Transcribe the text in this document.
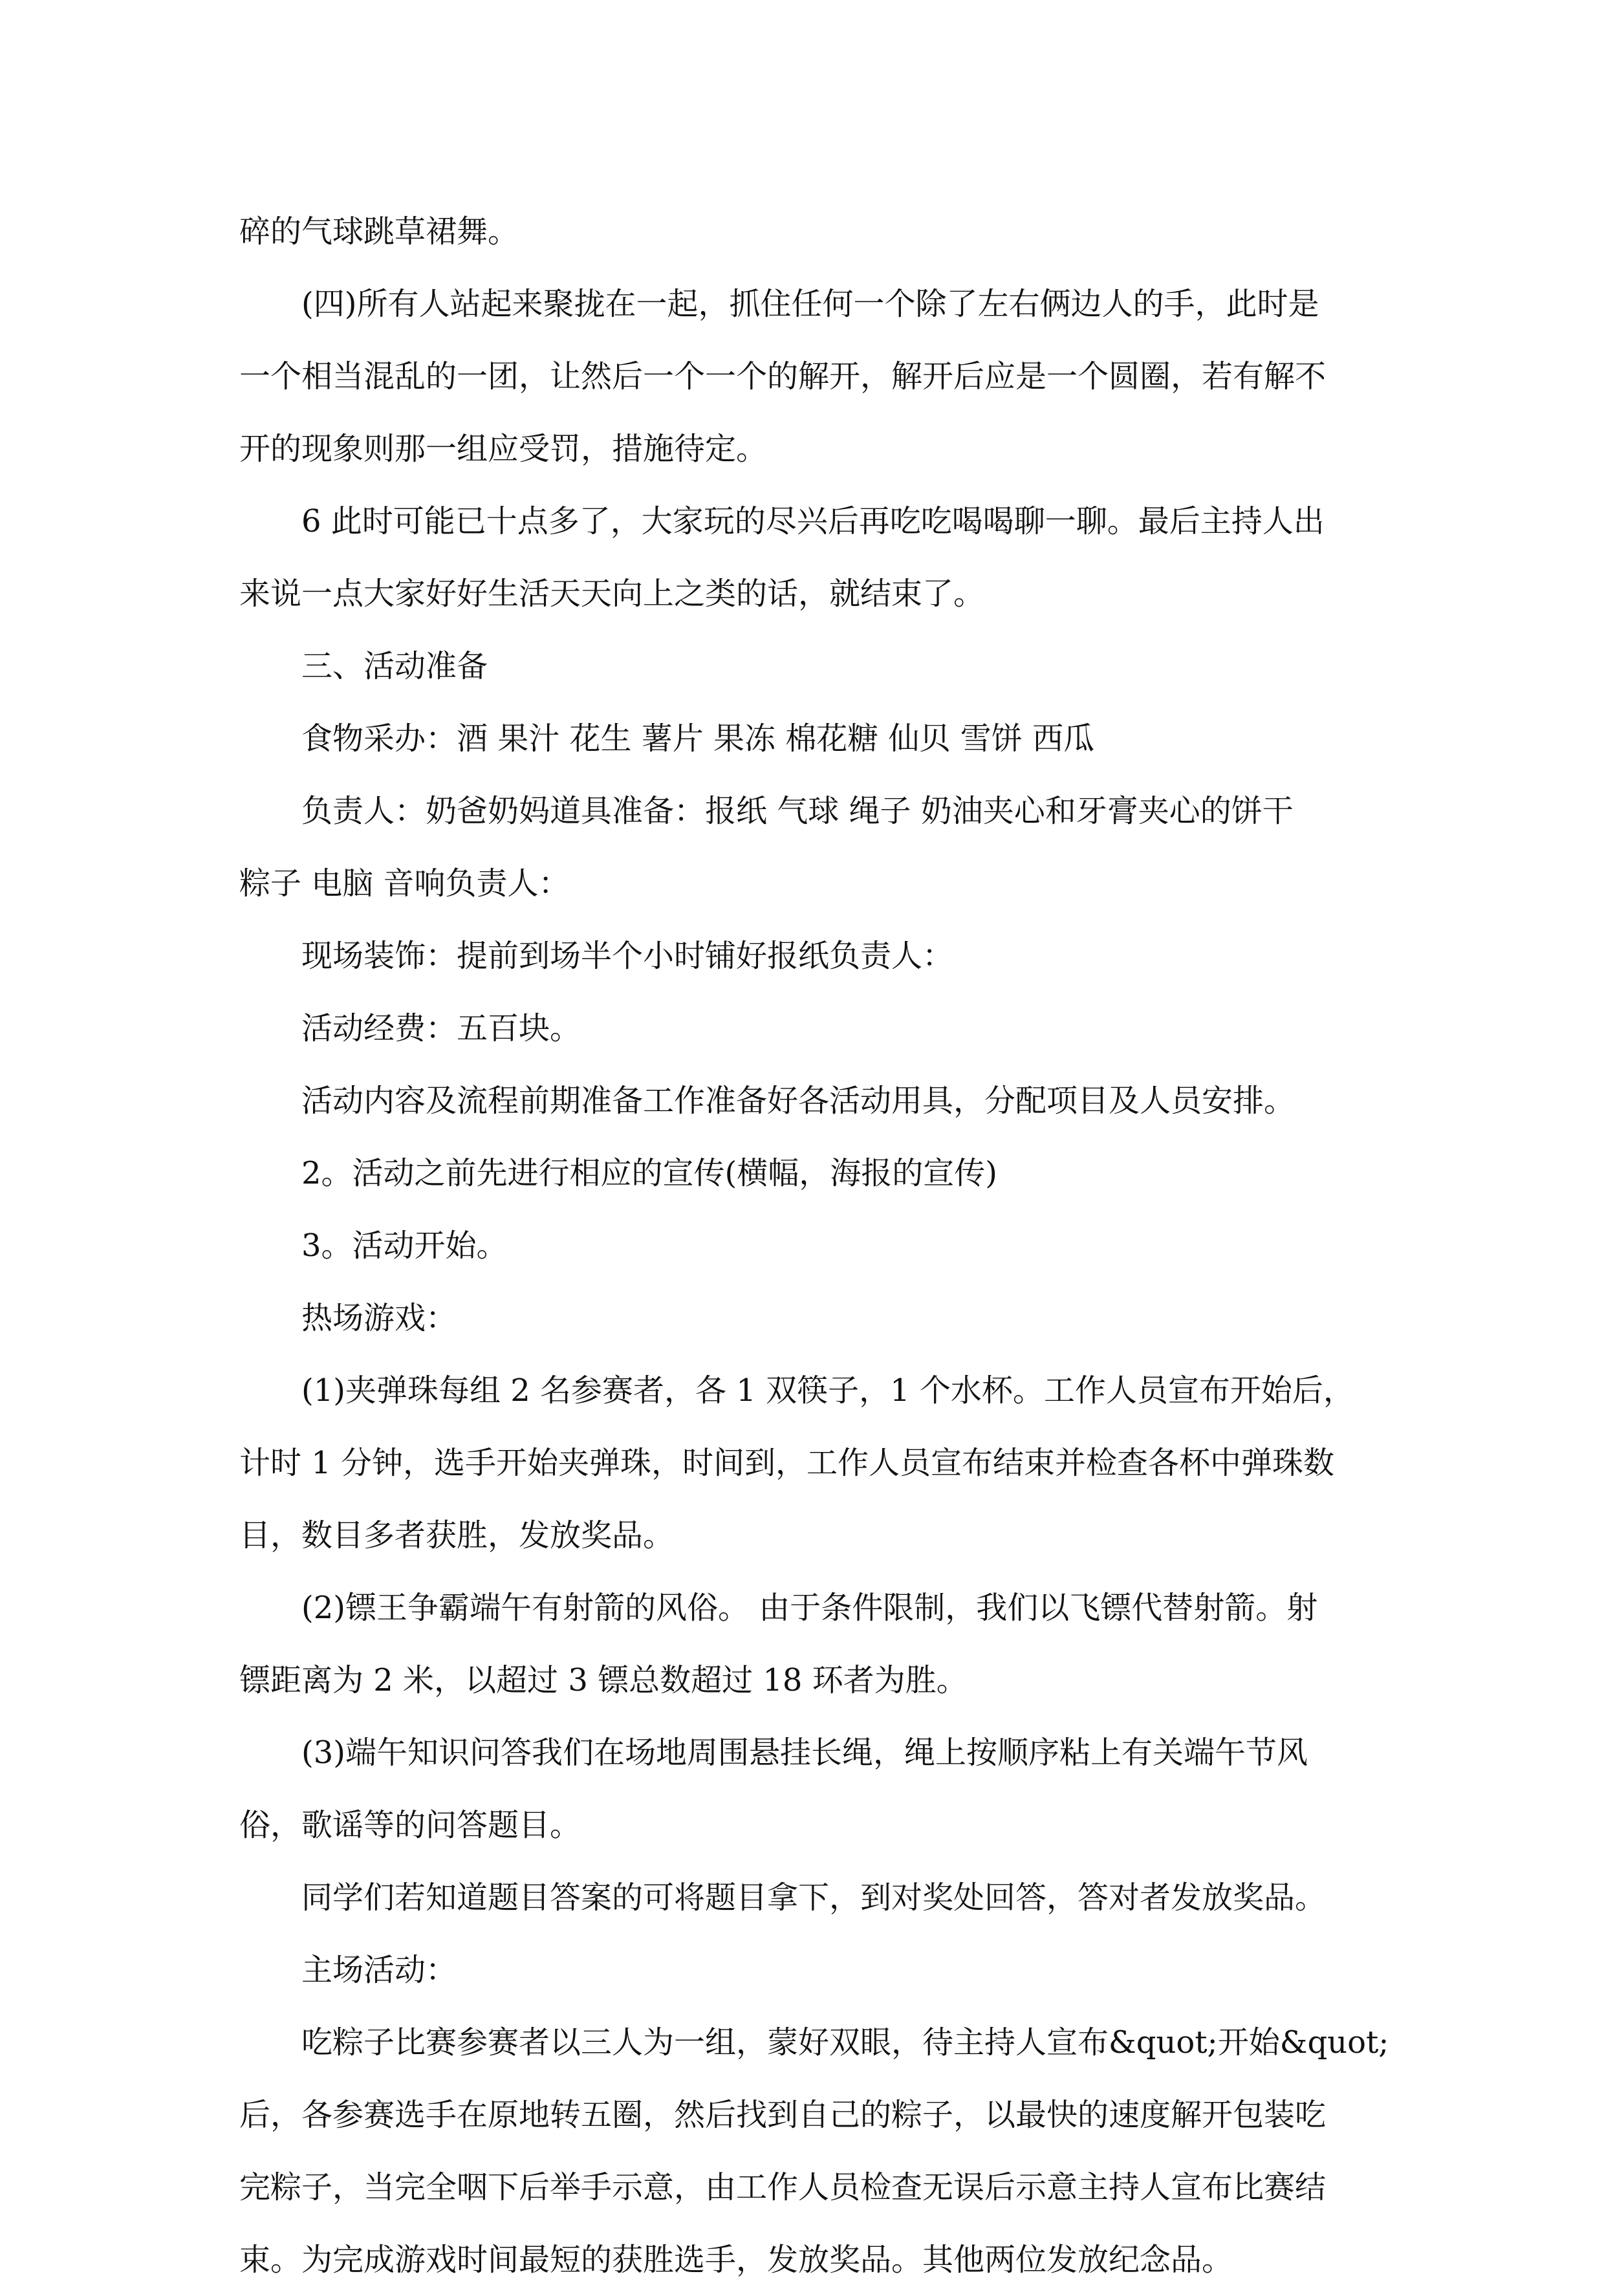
碎的气球跳草裙舞。
(四)所有人站起来聚拢在一起，抓住任何一个除了左右俩边人的手，此时是
一个相当混乱的一团，让然后一个一个的解开，解开后应是一个圆圈，若有解不
开的现象则那一组应受罚，措施待定。
6 此时可能已十点多了，大家玩的尽兴后再吃吃喝喝聊一聊。最后主持人出
来说一点大家好好生活天天向上之类的话，就结束了。
三、活动准备
食物采办：酒 果汁 花生 薯片 果冻 棉花糖 仙贝 雪饼 西瓜
负责人：奶爸奶妈道具准备：报纸 气球 绳子 奶油夹心和牙膏夹心的饼干
粽子 电脑 音响负责人：
现场装饰：提前到场半个小时铺好报纸负责人：
活动经费：五百块。
活动内容及流程前期准备工作准备好各活动用具，分配项目及人员安排。
2。活动之前先进行相应的宣传(横幅，海报的宣传)
3。活动开始。
热场游戏：
(1)夹弹珠每组 2 名参赛者，各 1 双筷子，1 个水杯。工作人员宣布开始后，
计时 1 分钟，选手开始夹弹珠，时间到，工作人员宣布结束并检查各杯中弹珠数
目，数目多者获胜，发放奖品。
(2)镖王争霸端午有射箭的风俗。 由于条件限制，我们以飞镖代替射箭。射
镖距离为 2 米，以超过 3 镖总数超过 18 环者为胜。
(3)端午知识问答我们在场地周围悬挂长绳，绳上按顺序粘上有关端午节风
俗，歌谣等的问答题目。
同学们若知道题目答案的可将题目拿下，到对奖处回答，答对者发放奖品。
主场活动：
吃粽子比赛参赛者以三人为一组，蒙好双眼，待主持人宣布&quot;开始&quot;
后，各参赛选手在原地转五圈，然后找到自己的粽子，以最快的速度解开包装吃
完粽子，当完全咽下后举手示意，由工作人员检查无误后示意主持人宣布比赛结
束。为完成游戏时间最短的获胜选手，发放奖品。其他两位发放纪念品。
